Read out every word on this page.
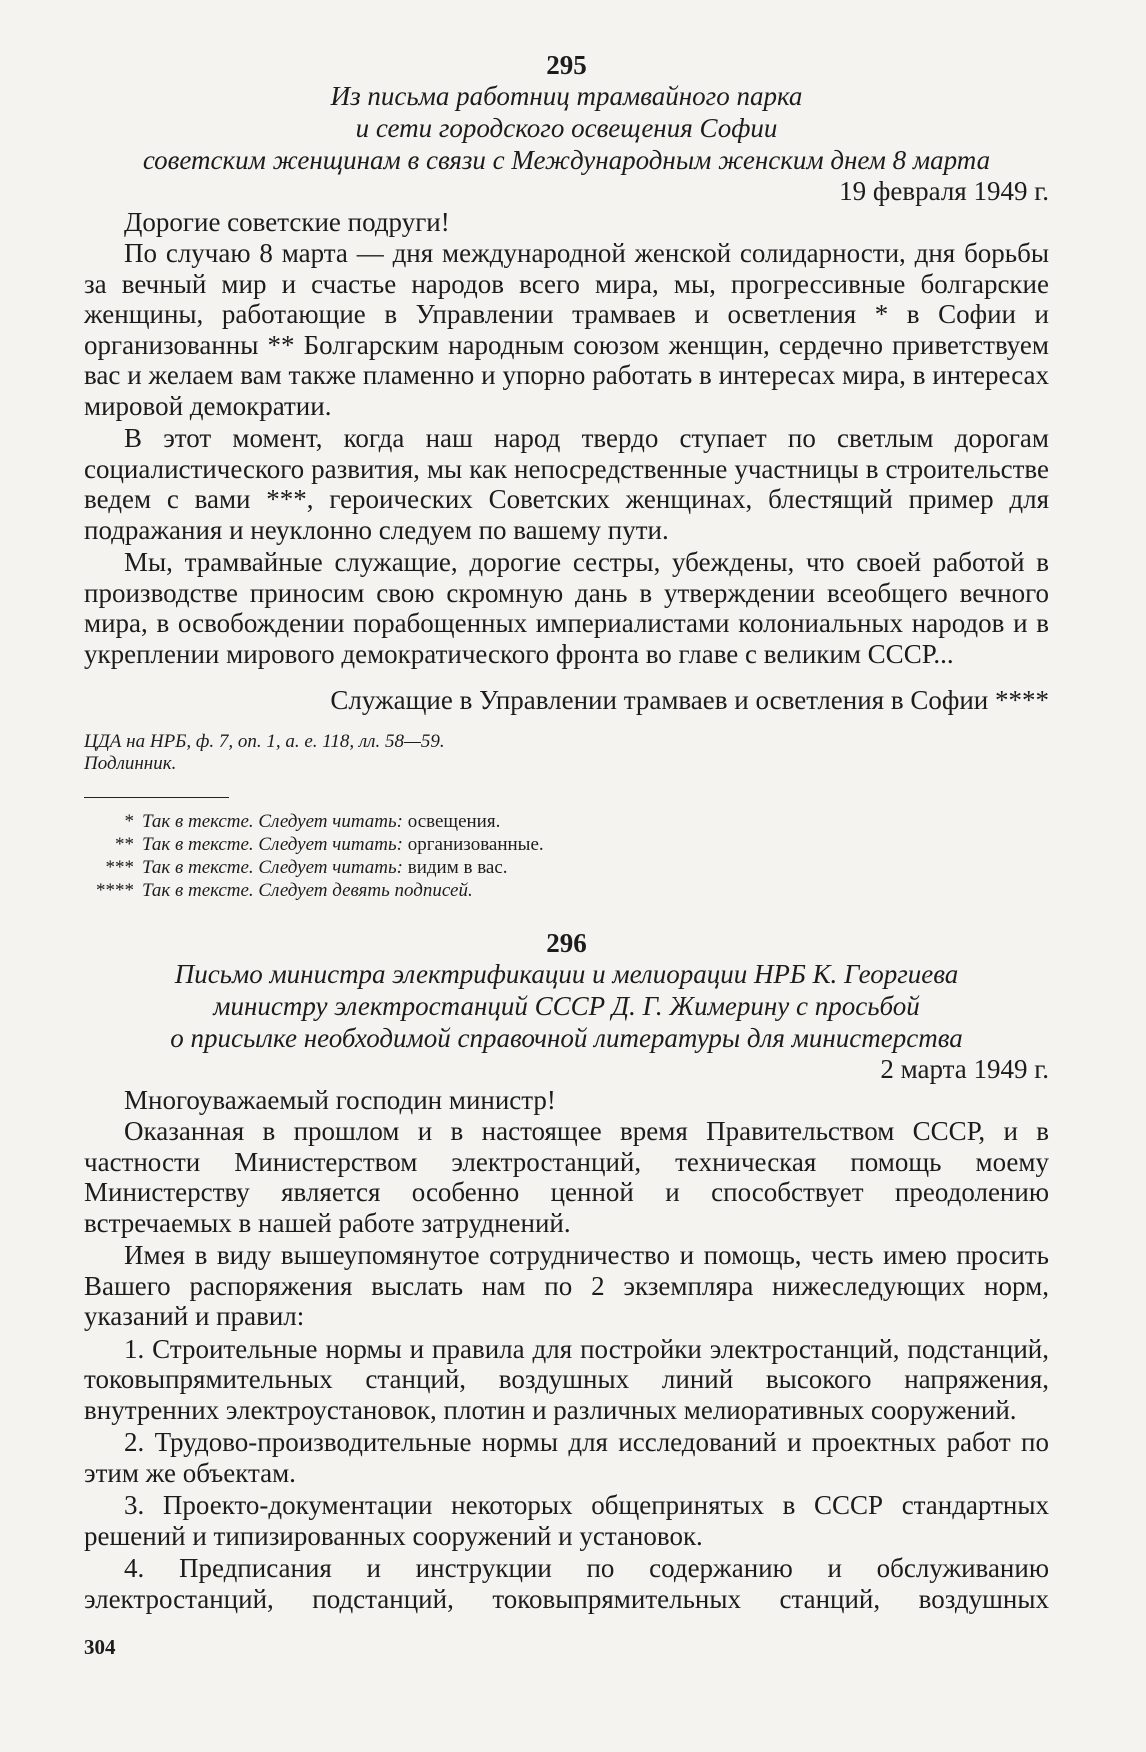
295

Из письма работниц трамвайного парка

и сети городского освещения Софии

советским женщинам в связи с Международным женским днем 8 марта

19 февраля 1949 г.
Дорогие советские подруги!

По случаю 8 марта — дня международной женской солидарности, дня борьбы за вечный мир и счастье народов всего мира, мы, прогрессивные болгарские женщины, работающие в Управлении трамваев и осветления * в Софии и организованны ** Болгарским народным союзом женщин, сердечно приветствуем вас и желаем вам также пламенно и упорно работать в интересах мира, в интересах мировой демократии.

В этот момент, когда наш народ твердо ступает по светлым дорогам социалистического развития, мы как непосредственные участницы в строительстве ведем с вами ***, героических Советских женщинах, блестящий пример для подражания и неуклонно следуем по вашему пути.

Мы, трамвайные служащие, дорогие сестры, убеждены, что своей работой в производстве приносим свою скромную дань в утверждении всеобщего вечного мира, в освобождении порабощенных империалистами колониальных народов и в укреплении мирового демократического фронта во главе с великим СССР...

Служащие в Управлении трамваев и осветления в Софии ****
ЦДА на НРБ, ф. 7, оп. 1, а. е. 118, лл. 58—59.
Подлинник.
* Так в тексте. Следует читать: освещения.
** Так в тексте. Следует читать: организованные.
*** Так в тексте. Следует читать: видим в вас.
**** Так в тексте. Следует девять подписей.
296

Письмо министра электрификации и мелиорации НРБ К. Георгиева

министру электростанций СССР Д. Г. Жимерину с просьбой

о присылке необходимой справочной литературы для министерства

2 марта 1949 г.
Многоуважаемый господин министр!

Оказанная в прошлом и в настоящее время Правительством СССР, и в частности Министерством электростанций, техническая помощь моему Министерству является особенно ценной и способствует преодолению встречаемых в нашей работе затруднений.

Имея в виду вышеупомянутое сотрудничество и помощь, честь имею просить Вашего распоряжения выслать нам по 2 экземпляра нижеследующих норм, указаний и правил:

1. Строительные нормы и правила для постройки электростанций, подстанций, токовыпрямительных станций, воздушных линий высокого напряжения, внутренних электроустановок, плотин и различных мелиоративных сооружений.

2. Трудово-производительные нормы для исследований и проектных работ по этим же объектам.

3. Проекто-документации некоторых общепринятых в СССР стандартных решений и типизированных сооружений и установок.

4. Предписания и инструкции по содержанию и обслуживанию электростанций, подстанций, токовыпрямительных станций, воздушных

304
